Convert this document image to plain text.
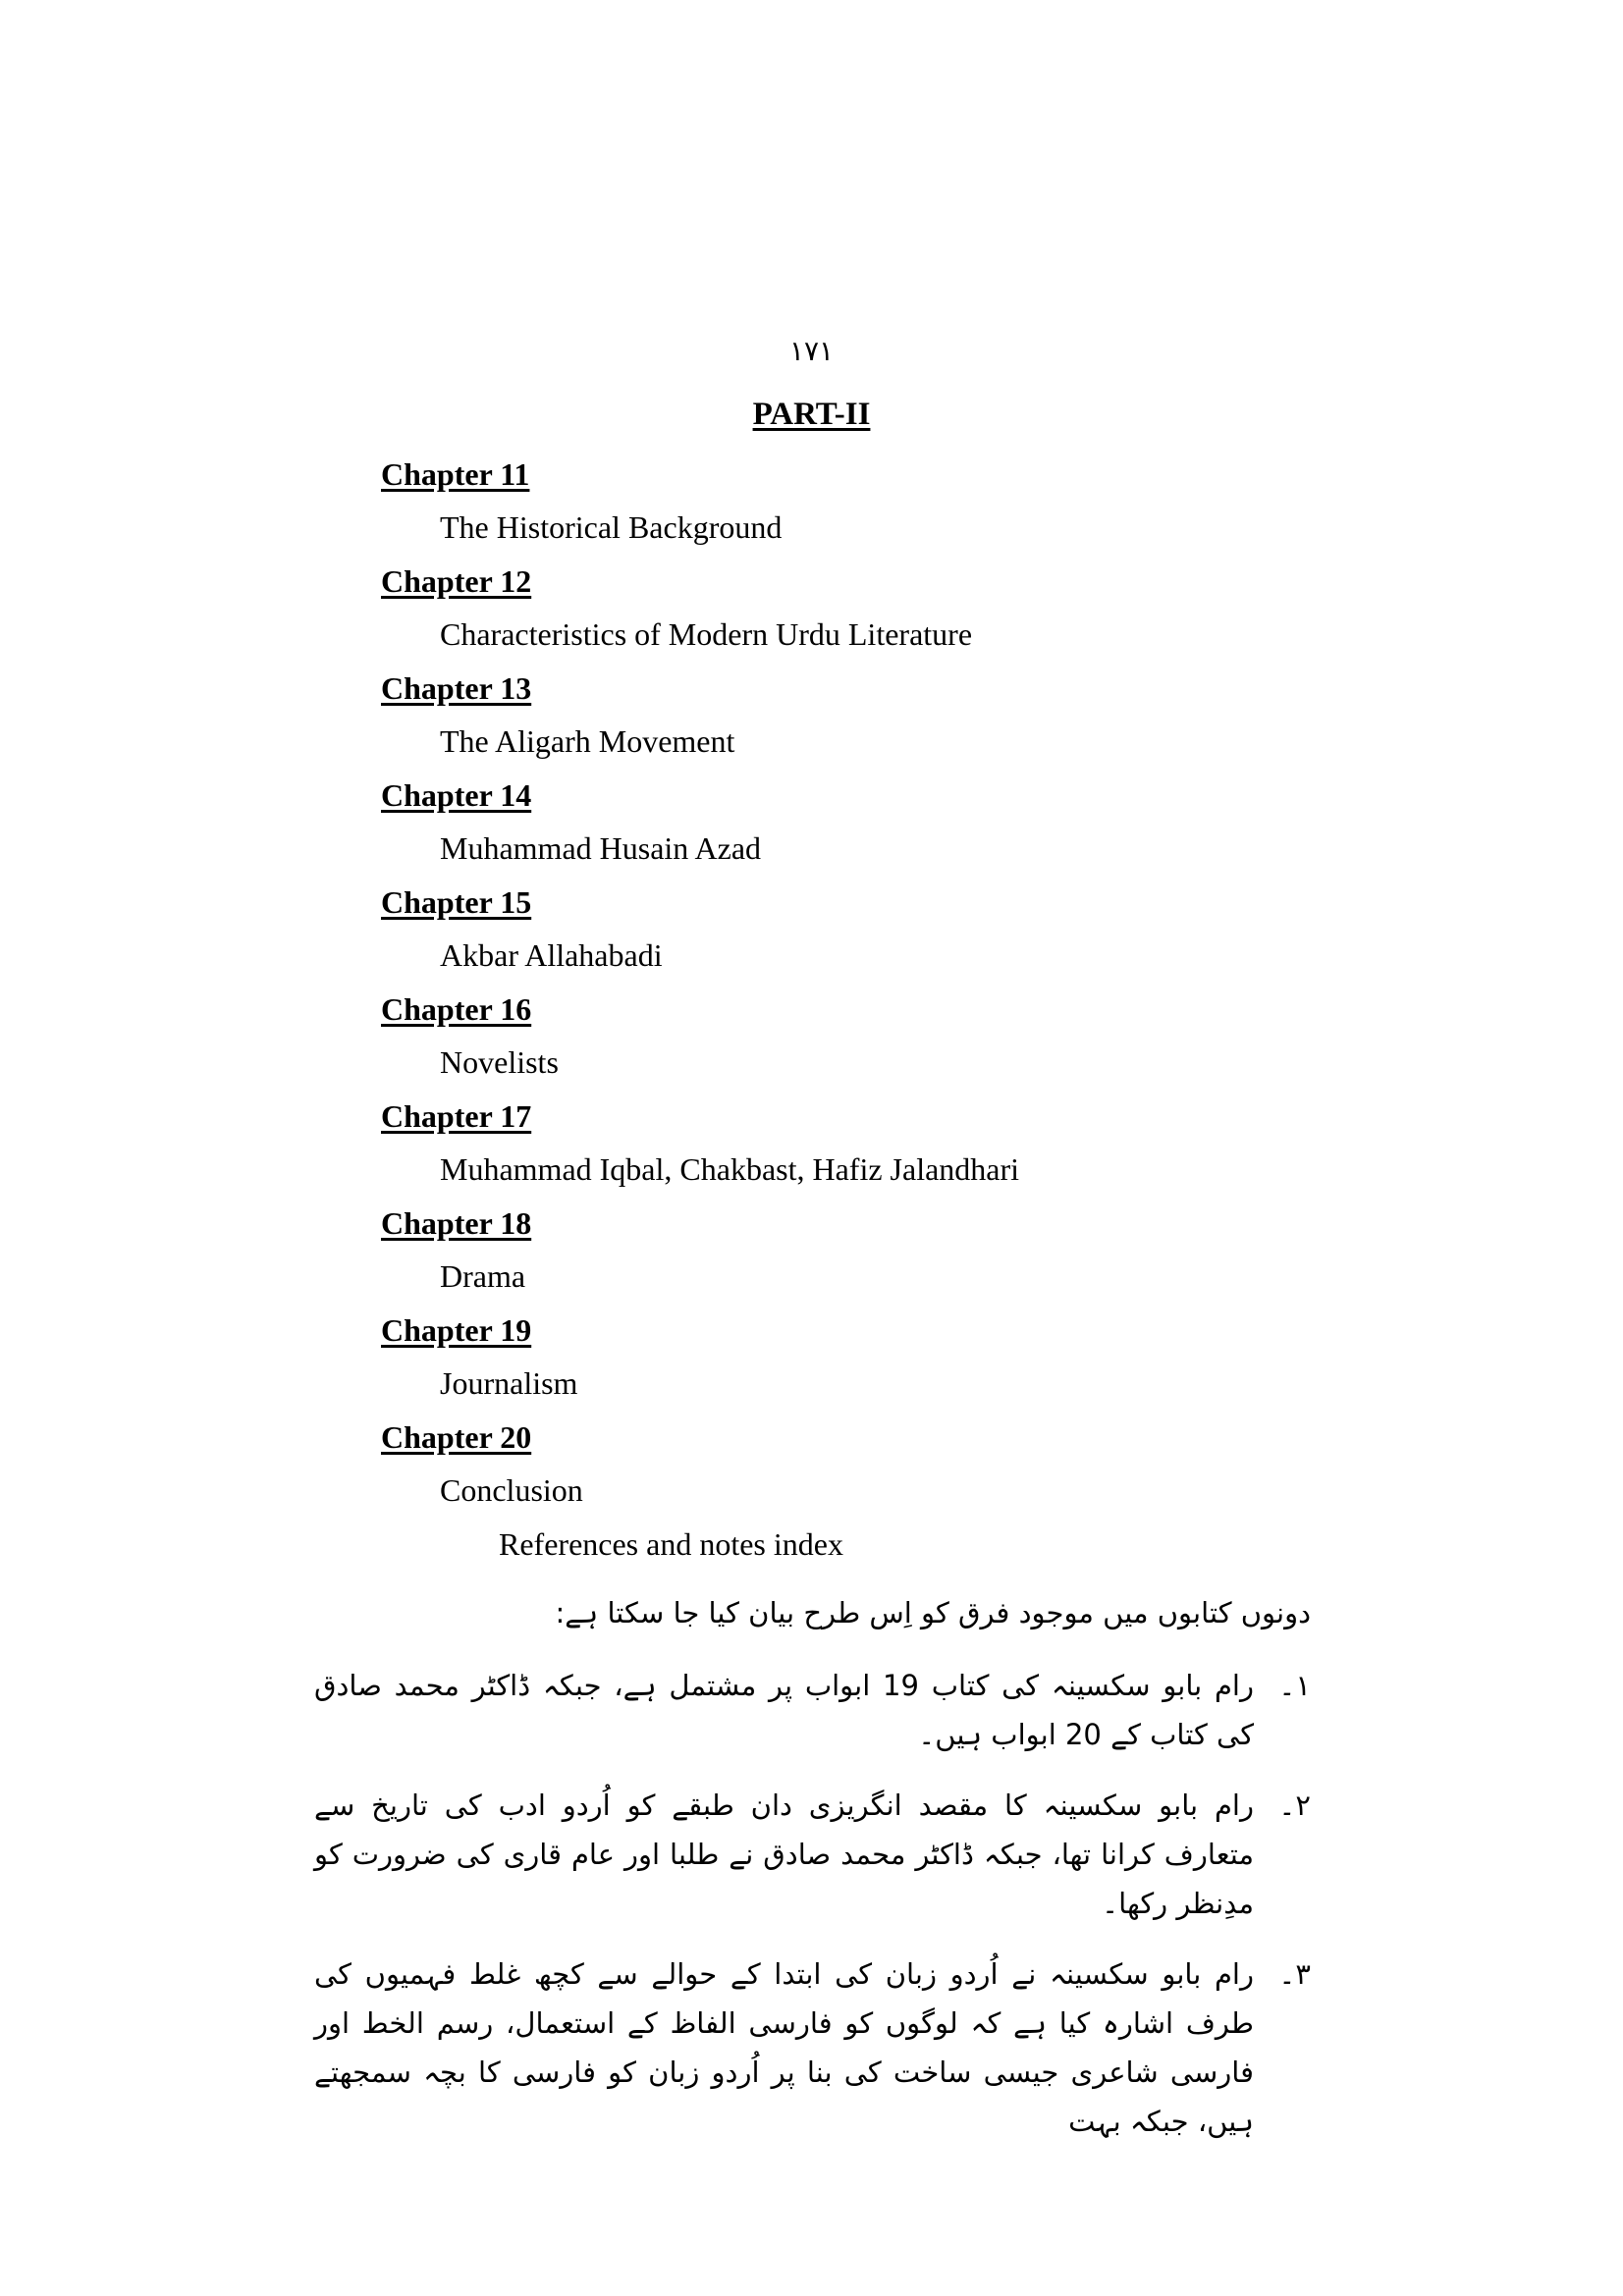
۱۷۱
PART-II
Chapter 11
The Historical Background
Chapter 12
Characteristics of Modern Urdu Literature
Chapter 13
The Aligarh Movement
Chapter 14
Muhammad Husain Azad
Chapter 15
Akbar Allahabadi
Chapter 16
Novelists
Chapter 17
Muhammad Iqbal, Chakbast, Hafiz Jalandhari
Chapter 18
Drama
Chapter 19
Journalism
Chapter 20
Conclusion
References and notes index
دونوں کتابوں میں موجود فرق کو اِس طرح بیان کیا جا سکتا ہے:
۱۔
رام بابو سکسینہ کی کتاب 19 ابواب پر مشتمل ہے، جبکہ ڈاکٹر محمد صادق کی کتاب کے 20 ابواب ہیں۔
۲۔
رام بابو سکسینہ کا مقصد انگریزی دان طبقے کو اُردو ادب کی تاریخ سے متعارف کرانا تھا، جبکہ ڈاکٹر محمد صادق نے طلبا اور عام قاری کی ضرورت کو مدِنظر رکھا۔
۳۔
رام بابو سکسینہ نے اُردو زبان کی ابتدا کے حوالے سے کچھ غلط فہمیوں کی طرف اشارہ کیا ہے کہ لوگوں کو فارسی الفاظ کے استعمال، رسم الخط اور فارسی شاعری جیسی ساخت کی بنا پر اُردو زبان کو فارسی کا بچہ سمجھتے ہیں، جبکہ بہت
